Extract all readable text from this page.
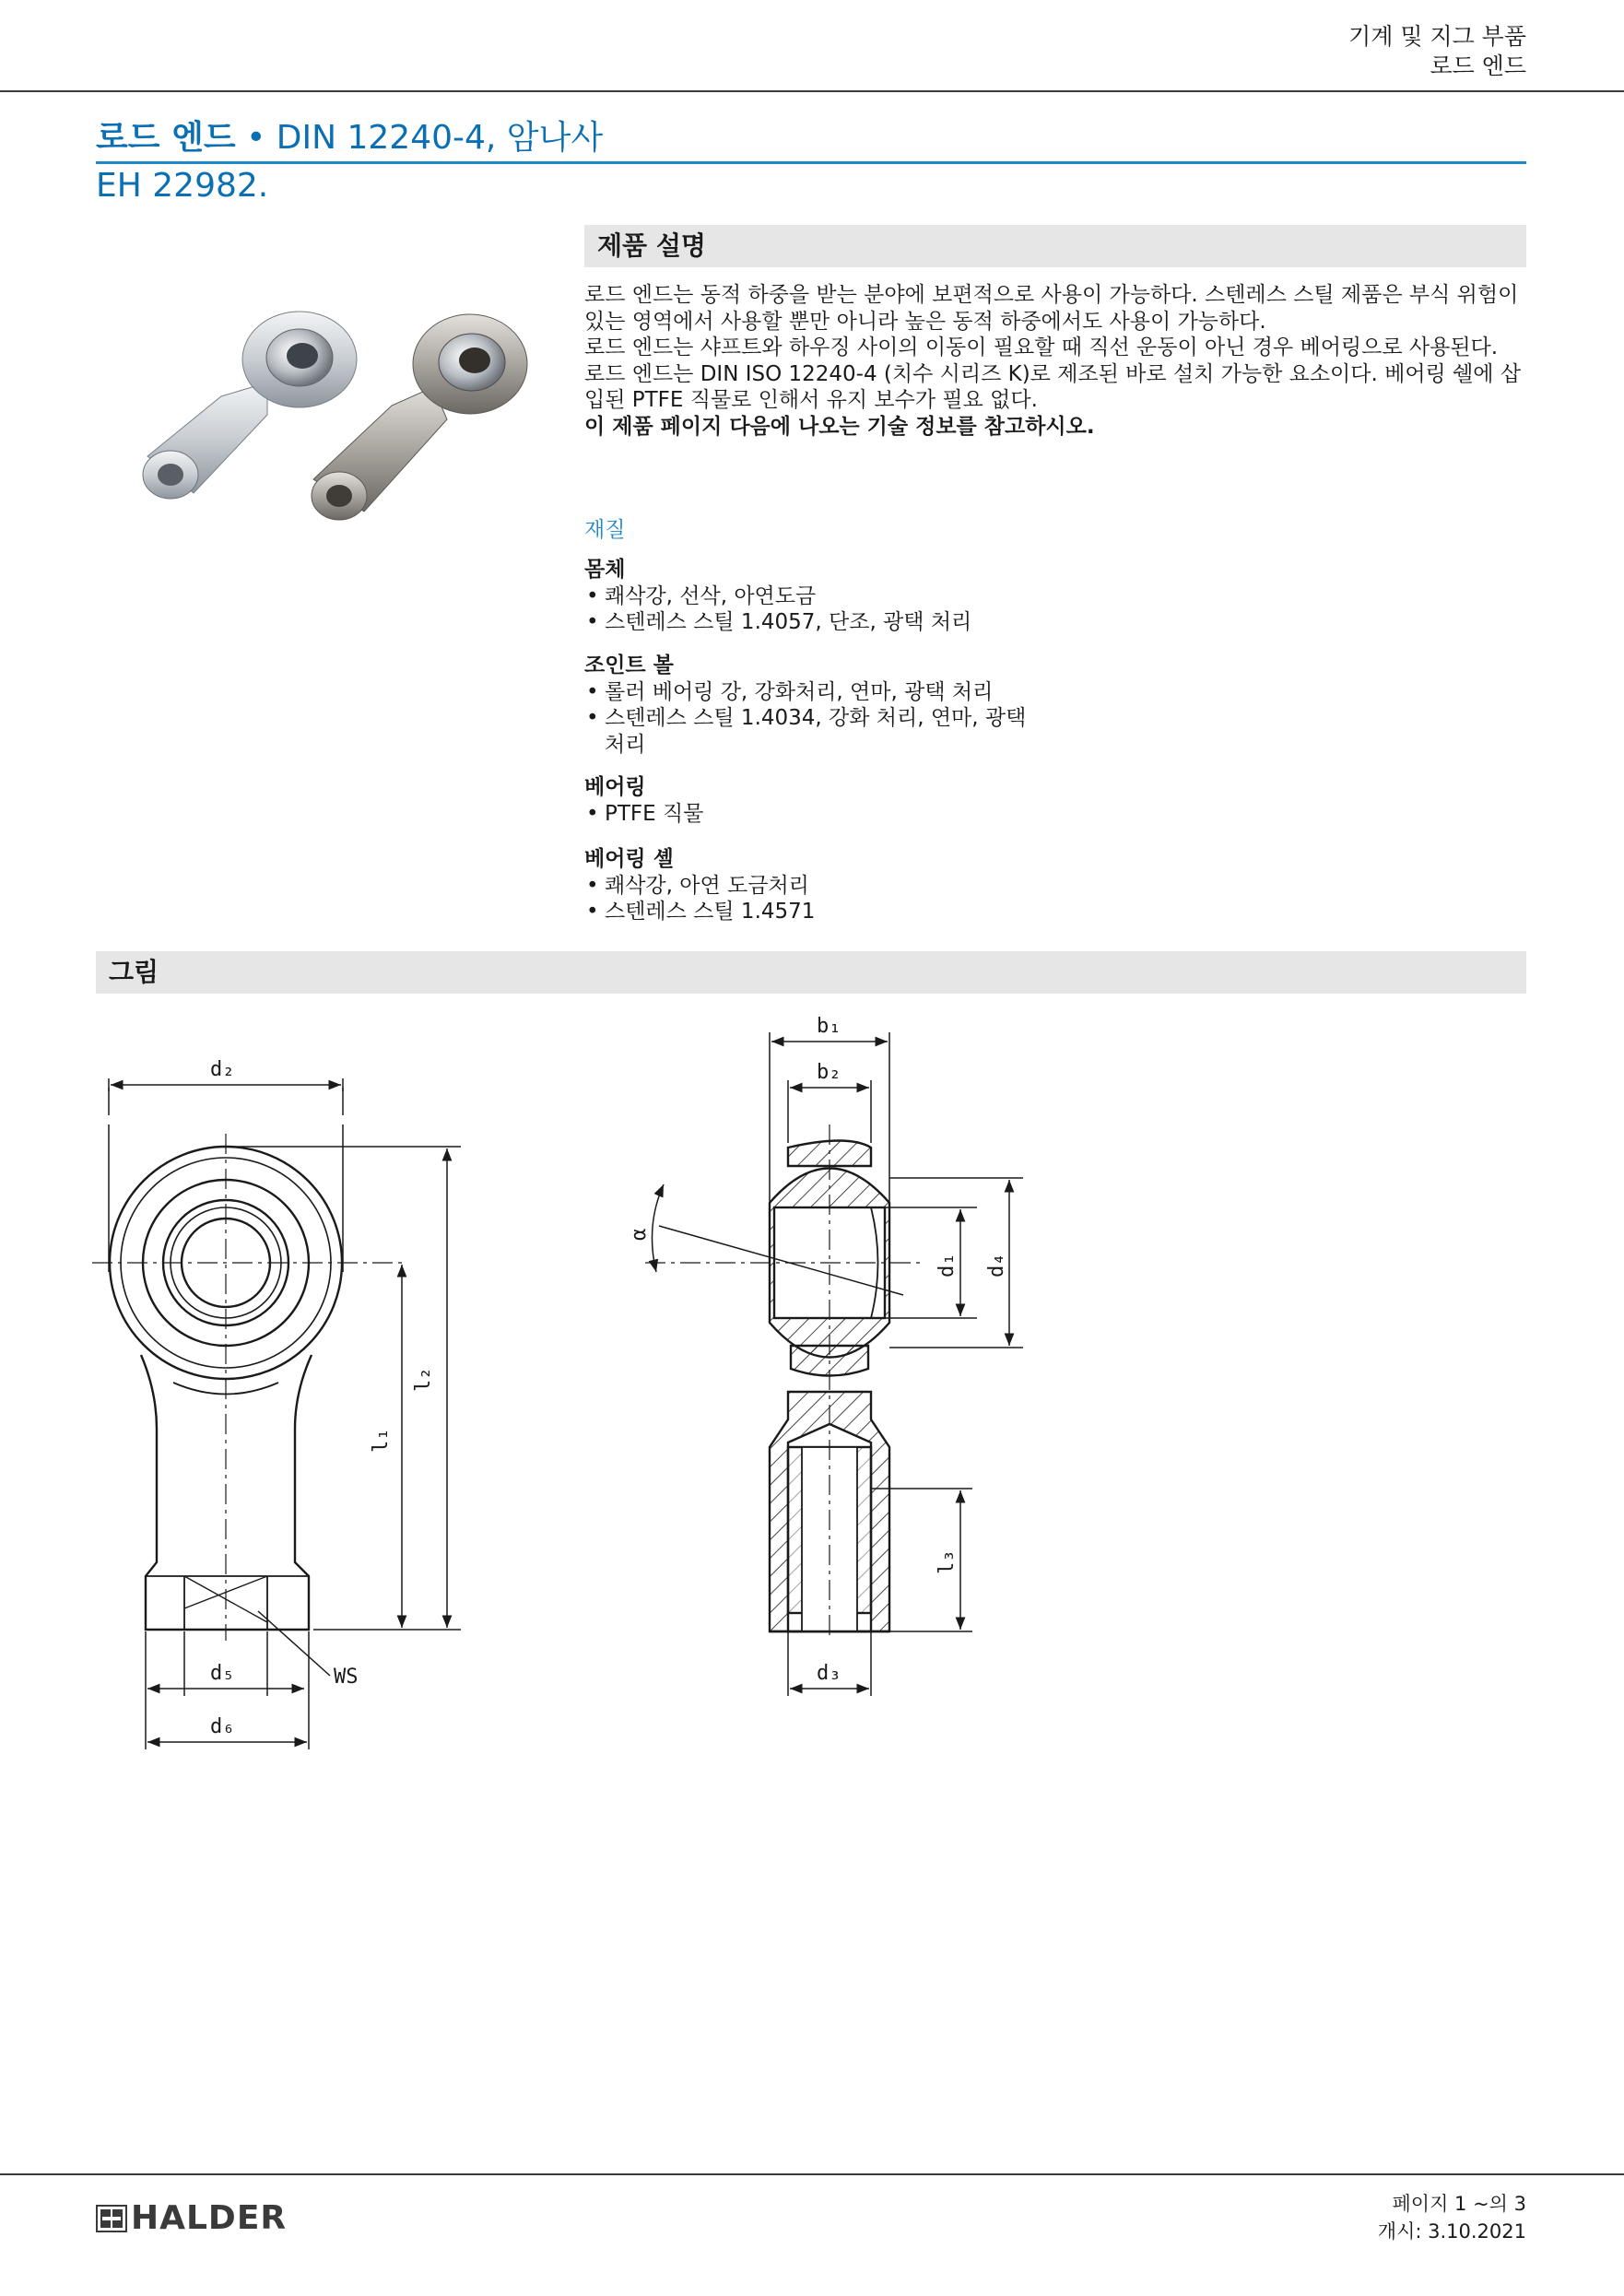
기계 및 지그 부품
로드 엔드
로드 엔드 • DIN 12240-4, 암나사
EH 22982.
제품 설명

로드 엔드는 동적 하중을 받는 분야에 보편적으로 사용이 가능하다. 스텐레스 스틸 제품은 부식 위험이 있는 영역에서 사용할 뿐만 아니라 높은 동적 하중에서도 사용이 가능하다.

로드 엔드는 샤프트와 하우징 사이의 이동이 필요할 때 직선 운동이 아닌 경우 베어링으로 사용된다.

로드 엔드는 DIN ISO 12240-4 (치수 시리즈 K)로 제조된 바로 설치 가능한 요소이다. 베어링 쉘에 삽입된 PTFE 직물로 인해서 유지 보수가 필요 없다.

이 제품 페이지 다음에 나오는 기술 정보를 참고하시오.

재질
몸체
• 쾌삭강, 선삭, 아연도금
• 스텐레스 스틸 1.4057, 단조, 광택 처리
조인트 볼
• 롤러 베어링 강, 강화처리, 연마, 광택 처리
• 스텐레스 스틸 1.4034, 강화 처리, 연마, 광택 처리
베어링
• PTFE 직물
베어링 셸
• 쾌삭강, 아연 도금처리
• 스텐레스 스틸 1.4571
그림
d₂
l₂
l₁
d₅
d₆
WS
b₁
b₂
α
d₁ d₄
l₃
d₃
HALDER	페이지 1 ~의 3
개시: 3.10.2021
